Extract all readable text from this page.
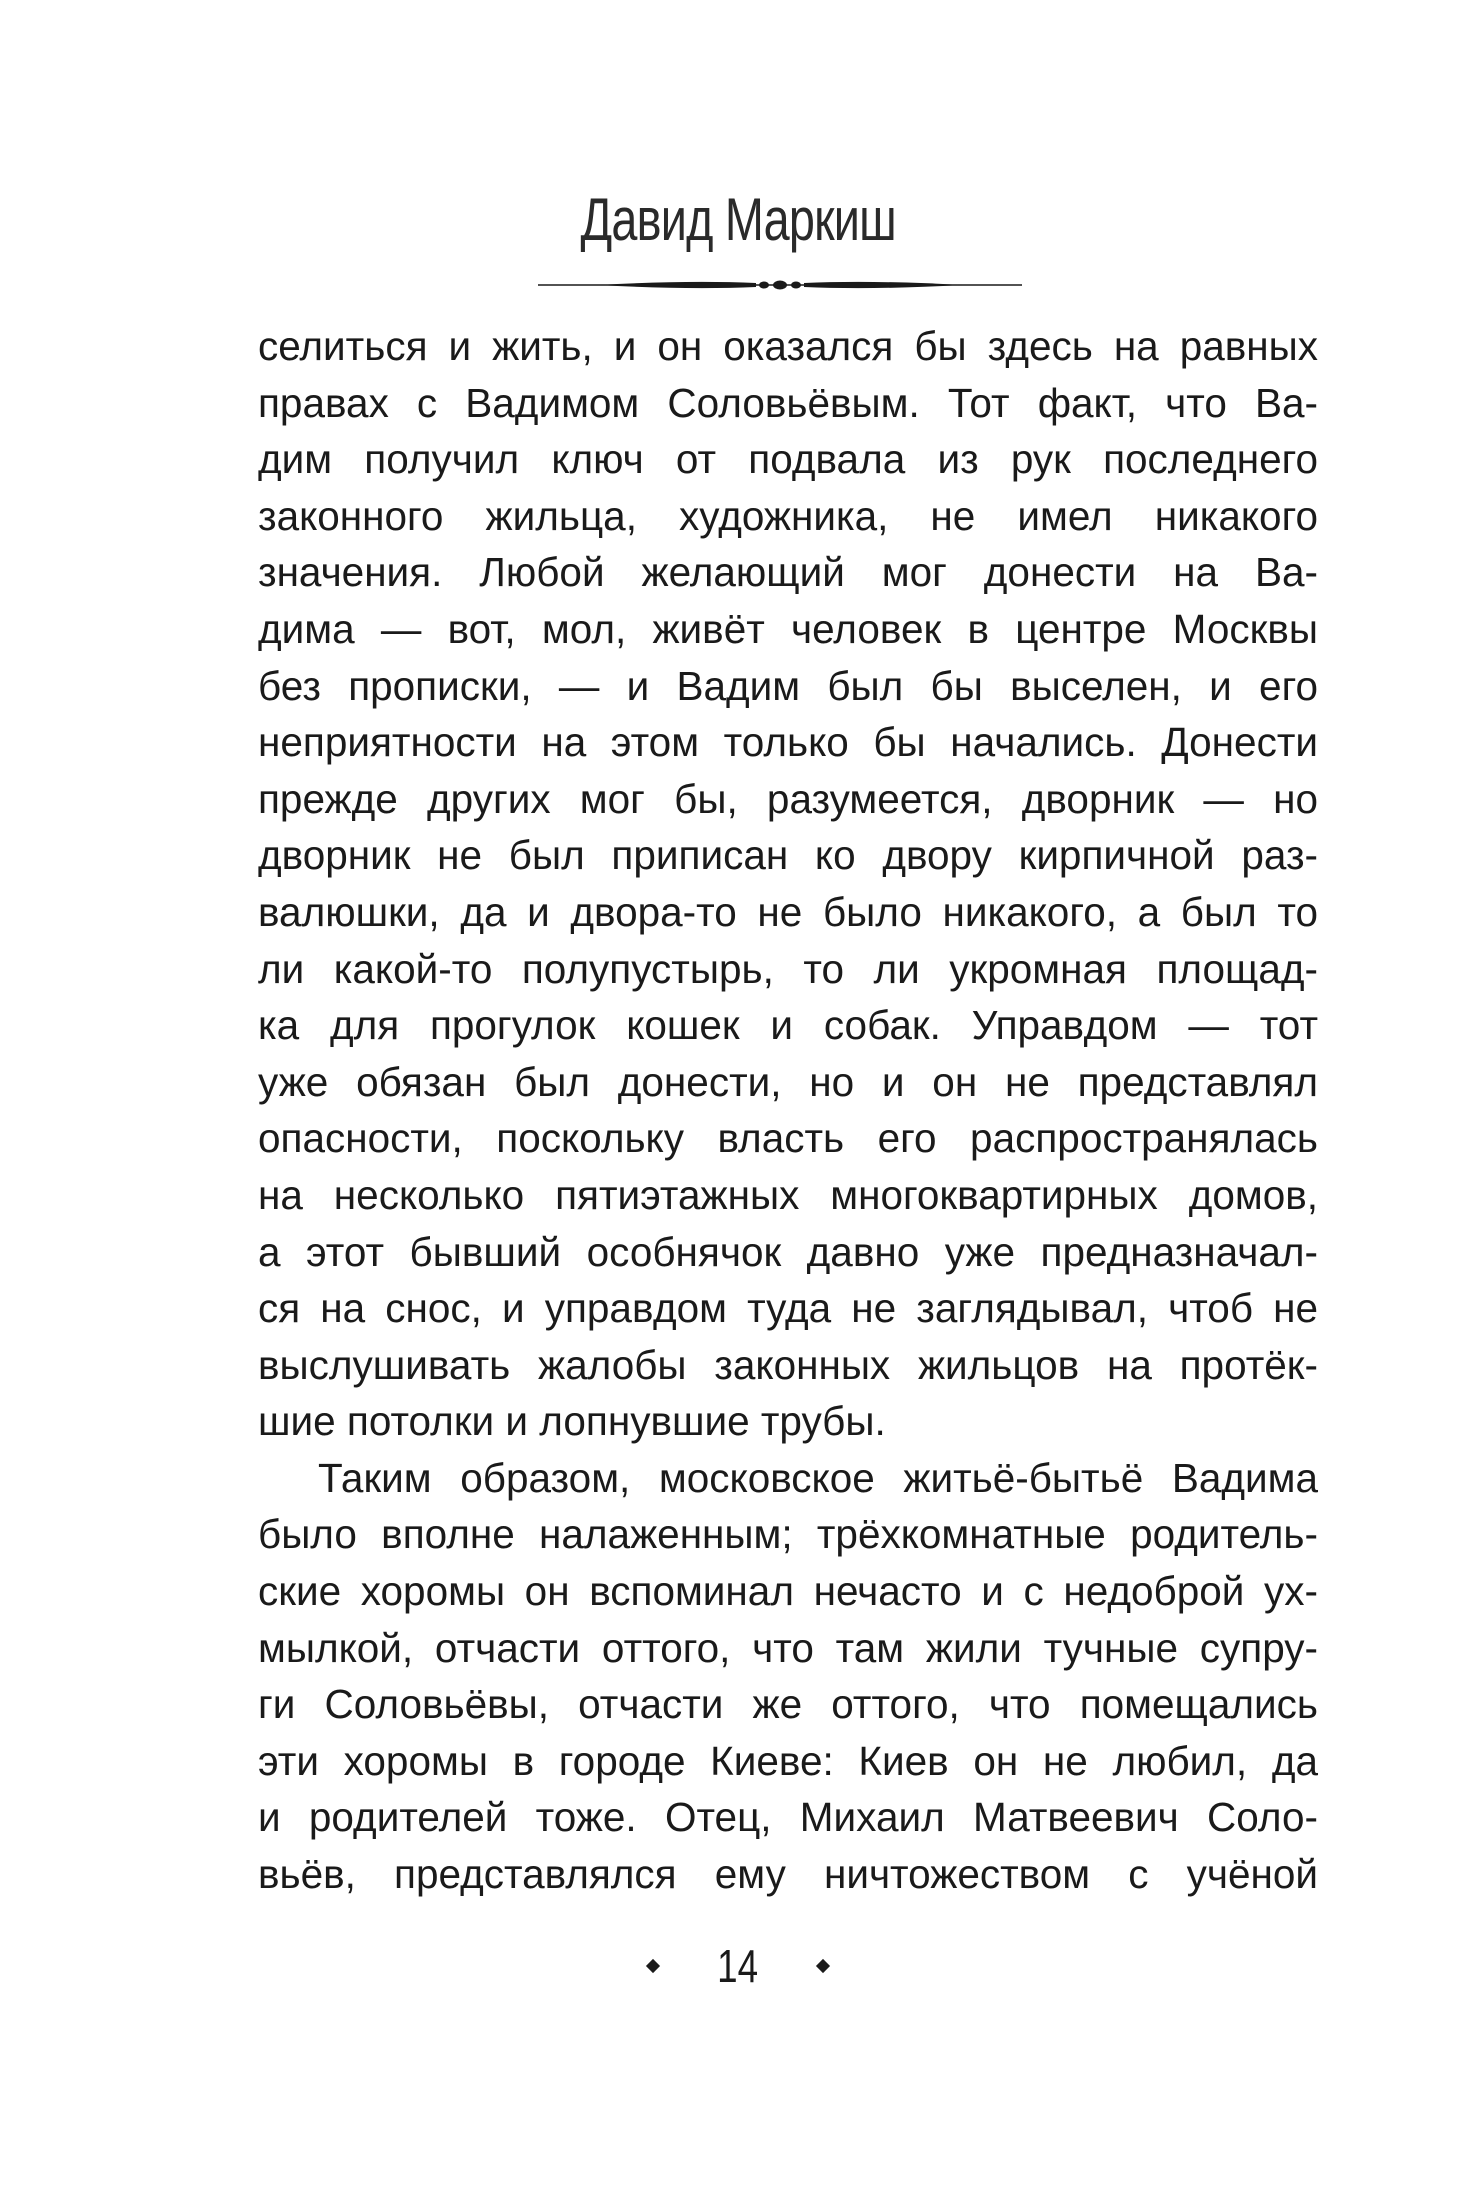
Давид Маркиш
селиться и жить, и он оказался бы здесь на равных
правах с Вадимом Соловьёвым. Тот факт, что Ва-
дим получил ключ от подвала из рук последнего
законного жильца, художника, не имел никакого
значения. Любой желающий мог донести на Ва-
дима — вот, мол, живёт человек в центре Москвы
без прописки, — и Вадим был бы выселен, и его
неприятности на этом только бы начались. Донести
прежде других мог бы, разумеется, дворник — но
дворник не был приписан ко двору кирпичной раз-
валюшки, да и двора-то не было никакого, а был то
ли какой-то полупустырь, то ли укромная площад-
ка для прогулок кошек и собак. Управдом — тот
уже обязан был донести, но и он не представлял
опасности, поскольку власть его распространялась
на несколько пятиэтажных многоквартирных домов,
а этот бывший особнячок давно уже предназначал-
ся на снос, и управдом туда не заглядывал, чтоб не
выслушивать жалобы законных жильцов на протёк-
шие потолки и лопнувшие трубы.
Таким образом, московское житьё-бытьё Вадима
было вполне налаженным; трёхкомнатные родитель-
ские хоромы он вспоминал нечасто и с недоброй ух-
мылкой, отчасти оттого, что там жили тучные супру-
ги Соловьёвы, отчасти же оттого, что помещались
эти хоромы в городе Киеве: Киев он не любил, да
и родителей тоже. Отец, Михаил Матвеевич Соло-
вьёв, представлялся ему ничтожеством с учёной
14
